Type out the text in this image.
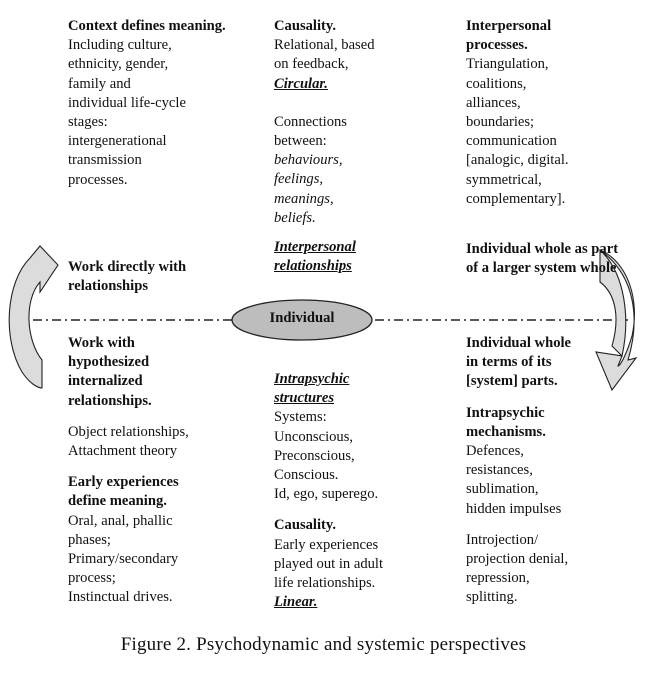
Individual

Context defines meaning.

Including culture,

ethnicity, gender,

family and

individual life-cycle

stages:

intergenerational

transmission

processes.

Work directly with relationships

Causality.

Relational, based

on feedback,

Circular.

Connections between:

behaviours,

feelings,

meanings,

beliefs.

Interpersonal relationships

Interpersonal processes.

Triangulation,

coalitions,

alliances,

boundaries;

communication

[analogic, digital.

symmetrical,

complementary].

Individual whole as part of a larger system whole

Work with hypothesized internalized relationships.

Object relationships,

Attachment theory

Early experiences define meaning.

Oral, anal, phallic

phases;

Primary/secondary

process;

Instinctual drives.

Intrapsychic structures

Systems:

Unconscious,

Preconscious,

Conscious.

Id, ego, superego.

Causality.

Early experiences

played out in adult

life relationships.

Linear.

Individual whole in terms of its [system] parts.

Intrapsychic mechanisms.

Defences,

resistances,

sublimation,

hidden impulses

Introjection/

projection denial,

repression,

splitting.

Figure 2. Psychodynamic and systemic perspectives
